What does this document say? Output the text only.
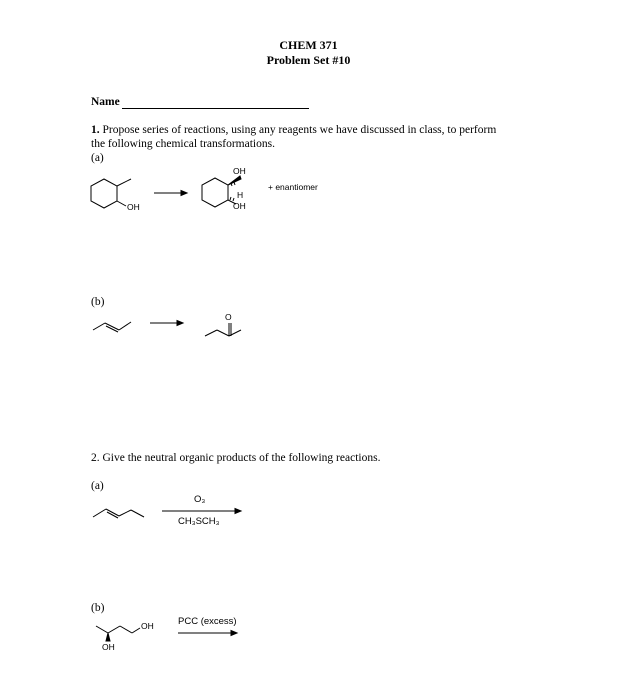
CHEM 371
Problem Set #10
Name
1. Propose series of reactions, using any reagents we have discussed in class, to perform
the following chemical transformations.
(a)
OH
OH
H
OH
+ enantiomer
(b)
O
2. Give the neutral organic products of the following reactions.
(a)
O₃
CH₃SCH₃
(b)
OH
OH
PCC (excess)
